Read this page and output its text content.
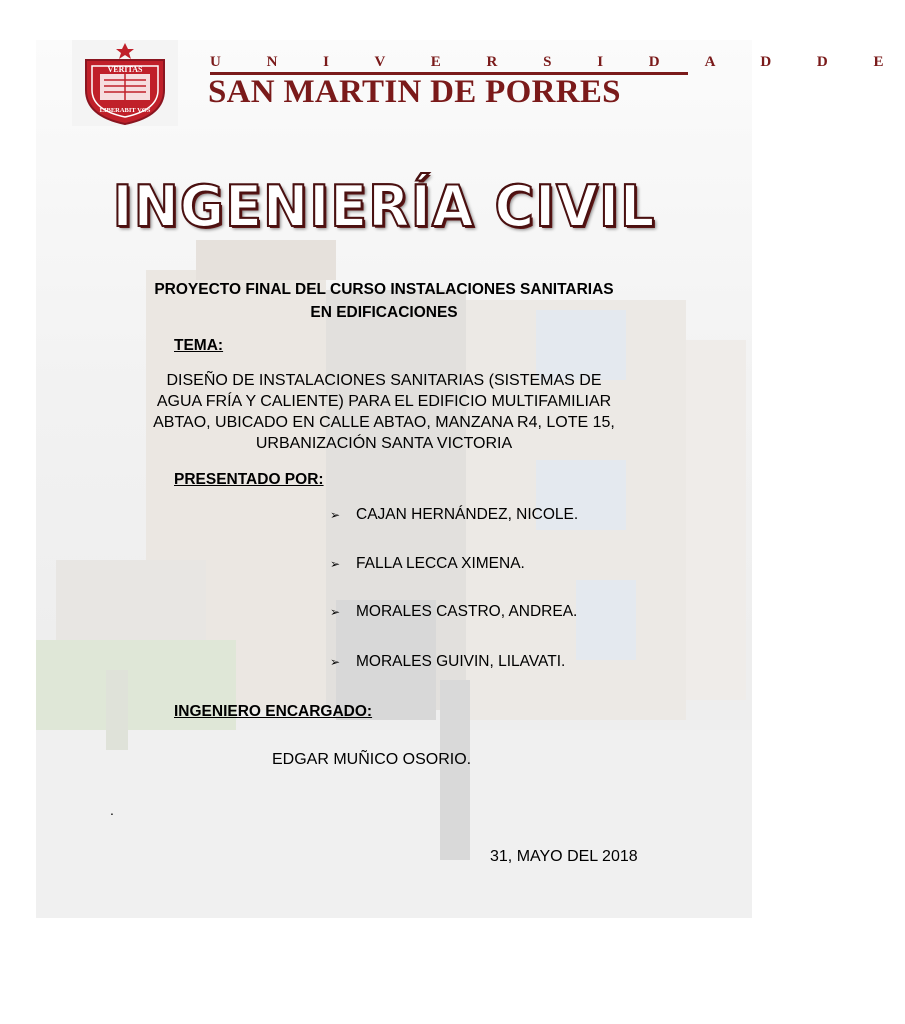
VERITAS
LIBERABIT VOS
U N I V E R S I D A D D E
SAN MARTIN DE PORRES
INGENIERÍA CIVIL
PROYECTO FINAL DEL CURSO INSTALACIONES SANITARIAS
EN EDIFICACIONES
TEMA:
DISEÑO DE INSTALACIONES SANITARIAS (SISTEMAS DE
AGUA FRÍA Y CALIENTE) PARA EL EDIFICIO MULTIFAMILIAR
ABTAO, UBICADO EN CALLE ABTAO, MANZANA R4, LOTE 15,
URBANIZACIÓN SANTA VICTORIA
PRESENTADO POR:
➢ CAJAN HERNÁNDEZ, NICOLE.
➢ FALLA LECCA XIMENA.
➢ MORALES CASTRO, ANDREA.
➢ MORALES GUIVIN, LILAVATI.
INGENIERO ENCARGADO:
EDGAR MUÑICO OSORIO.
.
31, MAYO DEL 2018
